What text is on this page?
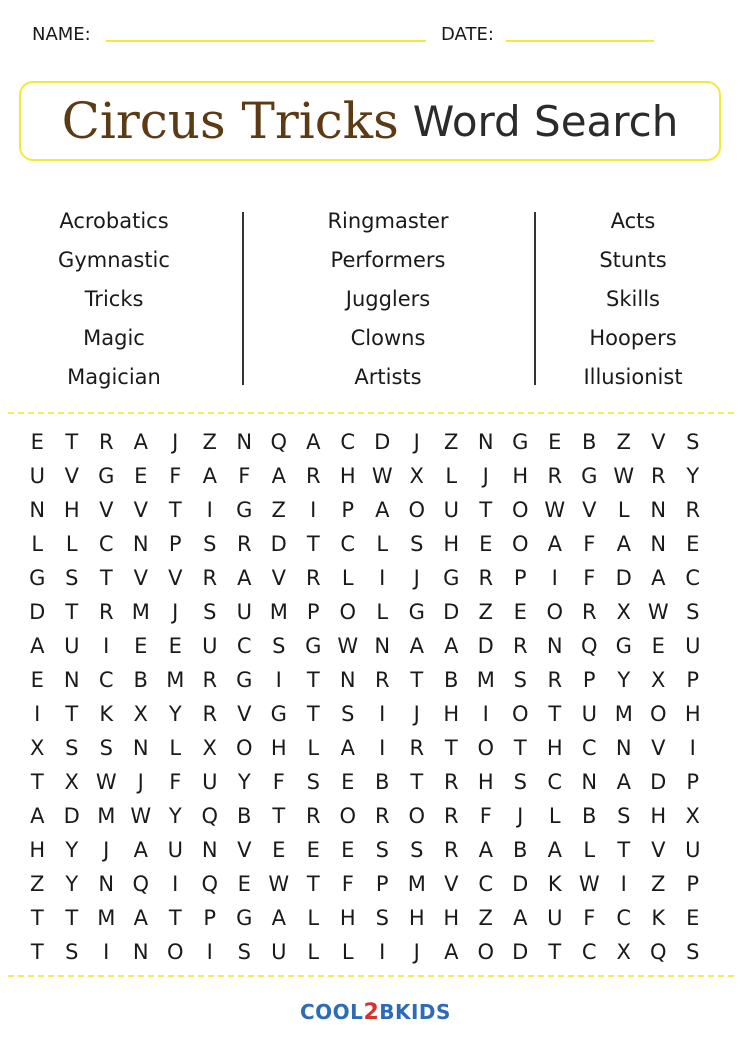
NAME:	DATE:
Circus Tricks Word Search
Acrobatics
Gymnastic
Tricks
Magic
Magician
Ringmaster
Performers
Jugglers
Clowns
Artists
Acts
Stunts
Skills
Hoopers
Illusionist
E	T R A	J	Z N Q A C D	J	Z N G E B Z V S
U V G E	F	A	F	A R H W X	L	J	H R G W R Y
N H V V T	I	G Z	I	P A O U T O W V	L N R
L	L	C N P	S R D T C	L	S H E O A	F	A N E
G S	T V V R A V R	L	I	J	G R P	I	F D A C
D T R M	J	S U M P O L G D Z E O R X W S
A U	I	E	E U C S G W N A A D R N Q G E U
E N C B M R G	I	T N R T B M S R P	Y X P
I	T	K X Y R V G T	S	I	J	H	I	O T U M O H
X S	S N L	X O H L	A	I	R T O T H C N V	I
T X W	J	F U Y	F	S	E B T R H S C N A D P
A D M W Y Q B T R O R O R	F	J	L	B S H X
H Y	J	A U N V E	E	E	S	S R A B A	L	T V U
Z Y N Q	I	Q E W T	F	P M V C D K W	I	Z P
T	T M A T	P G A	L H S H H Z A U F	C K E
T	S	I	N O	I	S U L	L	I	J	A O D T C X Q S
COOL2BKIDS
